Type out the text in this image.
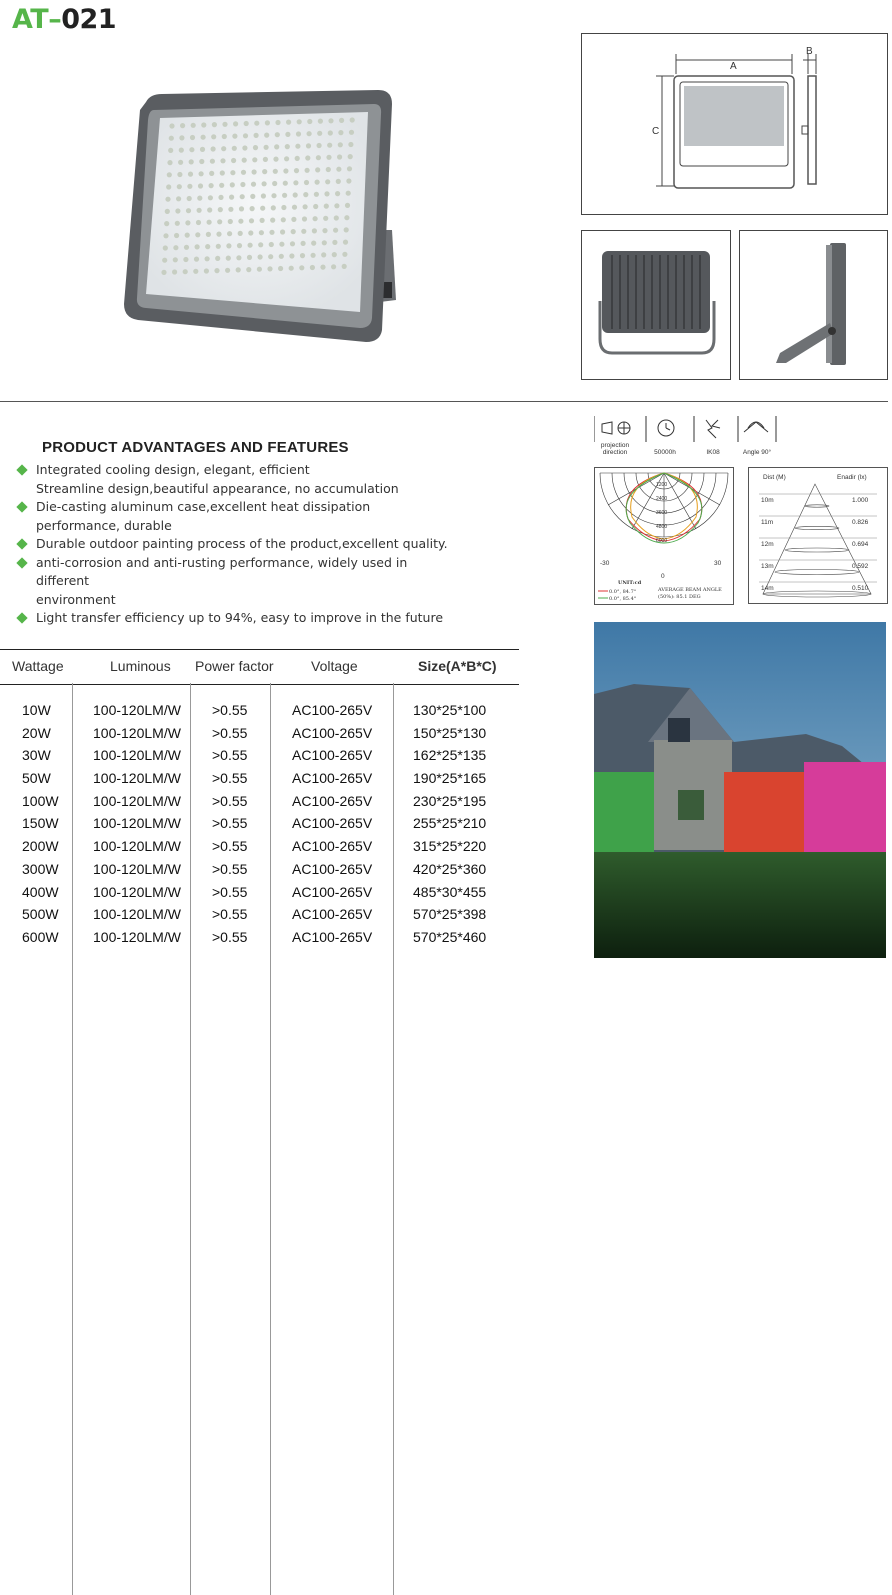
AT–021
A
B
C
PRODUCT ADVANTAGES AND FEATURES
Integrated cooling design, elegant, efficient
Streamline design,beautiful appearance, no accumulation
Die-casting aluminum case,excellent heat dissipation
performance, durable
Durable outdoor painting process of the product,excellent quality.
anti-corrosion and anti-rusting performance, widely used in different
environment
Light transfer efficiency up to 94%, easy to improve in the future
projection direction	50000h	IK08	Angle 90°
1200
2400
3600
4800
6000
-30	30
0
UNIT:cd
0.0°, 84.7°
0.0°, 85.4°
AVERAGE BEAM ANGLE
(50%): 85.1 DEG
Dist (M)	Enadir (lx)
10m	1.000
11m	0.826
12m	0.694
13m	0.592
14m	0.510
Wattage	Luminous Power factor	Voltage	Size(A*B*C)
10W	100-120LM/W >0.55	AC100-265V	130*25*100
20W	100-120LM/W >0.55	AC100-265V	150*25*130
30W	100-120LM/W >0.55	AC100-265V	162*25*135
50W	100-120LM/W >0.55	AC100-265V	190*25*165
100W 100-120LM/W >0.55	AC100-265V	230*25*195
150W 100-120LM/W >0.55	AC100-265V	255*25*210
200W 100-120LM/W >0.55	AC100-265V	315*25*220
300W 100-120LM/W >0.55	AC100-265V	420*25*360
400W 100-120LM/W >0.55	AC100-265V	485*30*455
500W 100-120LM/W >0.55	AC100-265V	570*25*398
600W 100-120LM/W >0.55	AC100-265V	570*25*460
